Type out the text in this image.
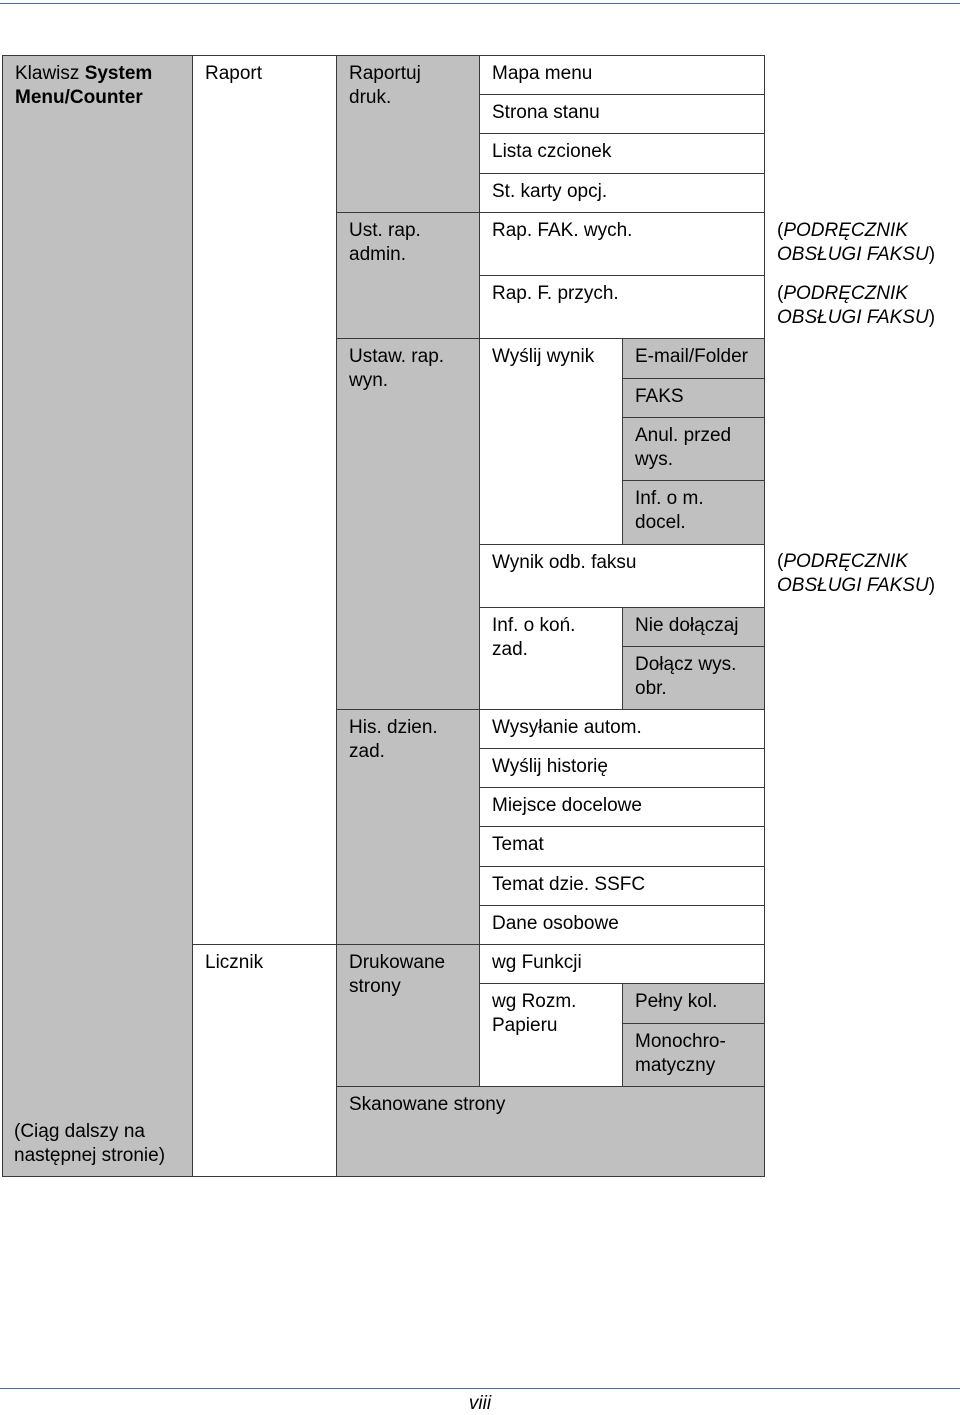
Klawisz System Menu/Counter
(Ciąg dalszy na następnej stronie)
Raport
Licznik
Raportuj druk.
Ust. rap. admin.
Ustaw. rap. wyn.
His. dzien. zad.
Drukowane strony
Skanowane strony
Mapa menu
Strona stanu
Lista czcionek
St. karty opcj.
Rap. FAK. wych.
Rap. F. przych.
Wyślij wynik
Wynik odb. faksu
Inf. o koń. zad.
Wysyłanie autom.
Wyślij historię
Miejsce docelowe
Temat
Temat dzie. SSFC
Dane osobowe
wg Funkcji
wg Rozm. Papieru
E-mail/Folder
FAKS
Anul. przed wys.
Inf. o m. docel.
Nie dołączaj
Dołącz wys. obr.
Pełny kol.
Monochro-matyczny
(PODRĘCZNIK OBSŁUGI FAKSU)
(PODRĘCZNIK OBSŁUGI FAKSU)
(PODRĘCZNIK OBSŁUGI FAKSU)
viii
